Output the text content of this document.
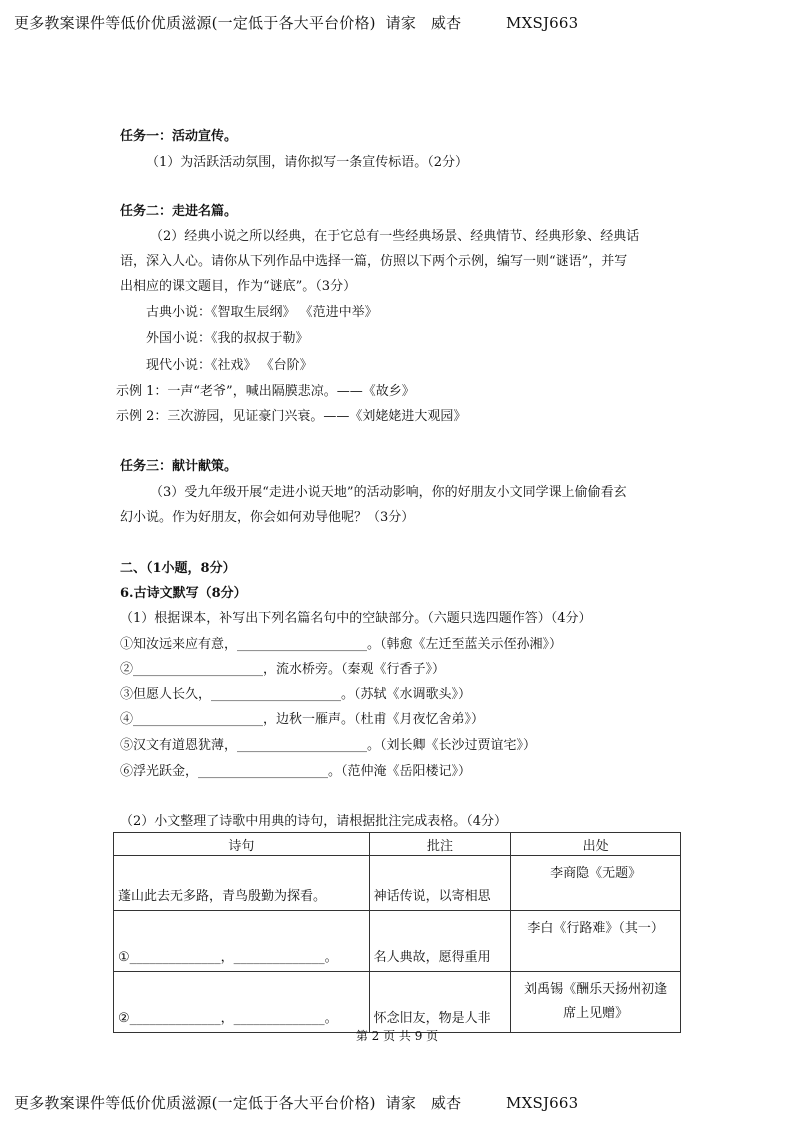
更多教案课件等低价优质滋源(一定低于各大平台价格)  请家   威杏         MXSJ663
任务一：活动宣传。
（1）为活跃活动氛围，请你拟写一条宣传标语。（2分）
任务二：走进名篇。
（2）经典小说之所以经典，在于它总有一些经典场景、经典情节、经典形象、经典话
语，深入人心。请你从下列作品中选择一篇，仿照以下两个示例，编写一则“谜语”，并写
出相应的课文题目，作为“谜底”。（3分）
古典小说：《智取生辰纲》 《范进中举》
外国小说：《我的叔叔于勒》
现代小说：《社戏》 《台阶》
示例 1：一声“老爷”，喊出隔膜悲凉。——《故乡》
示例 2：三次游园，见证豪门兴衰。——《刘姥姥进大观园》
任务三：献计献策。
（3）受九年级开展“走进小说天地”的活动影响，你的好朋友小文同学课上偷偷看玄
幻小说。作为好朋友，你会如何劝导他呢？（3分）
二、（1小题，8分）
6.古诗文默写（8分）
（1）根据课本，补写出下列名篇名句中的空缺部分。（六题只选四题作答）（4分）
①知汝远来应有意，____________________。（韩愈《左迁至蓝关示侄孙湘》）
②____________________，流水桥旁。（秦观《行香子》）
③但愿人长久，____________________。（苏轼《水调歌头》）
④____________________，边秋一雁声。（杜甫《月夜忆舍弟》）
⑤汉文有道恩犹薄，____________________。（刘长卿《长沙过贾谊宅》）
⑥浮光跃金，____________________。（范仲淹《岳阳楼记》）
（2）小文整理了诗歌中用典的诗句，请根据批注完成表格。（4分）
诗句	批注	出处
蓬山此去无多路，青鸟殷勤为探看。	神话传说，以寄相思	李商隐《无题》
①______________，______________。	名人典故，愿得重用	李白《行路难》（其一）
②______________，______________。	怀念旧友，物是人非	刘禹锡《酬乐天扬州初逢
席上见赠》
第 2 页 共 9 页
更多教案课件等低价优质滋源(一定低于各大平台价格)  请家   威杏         MXSJ663
